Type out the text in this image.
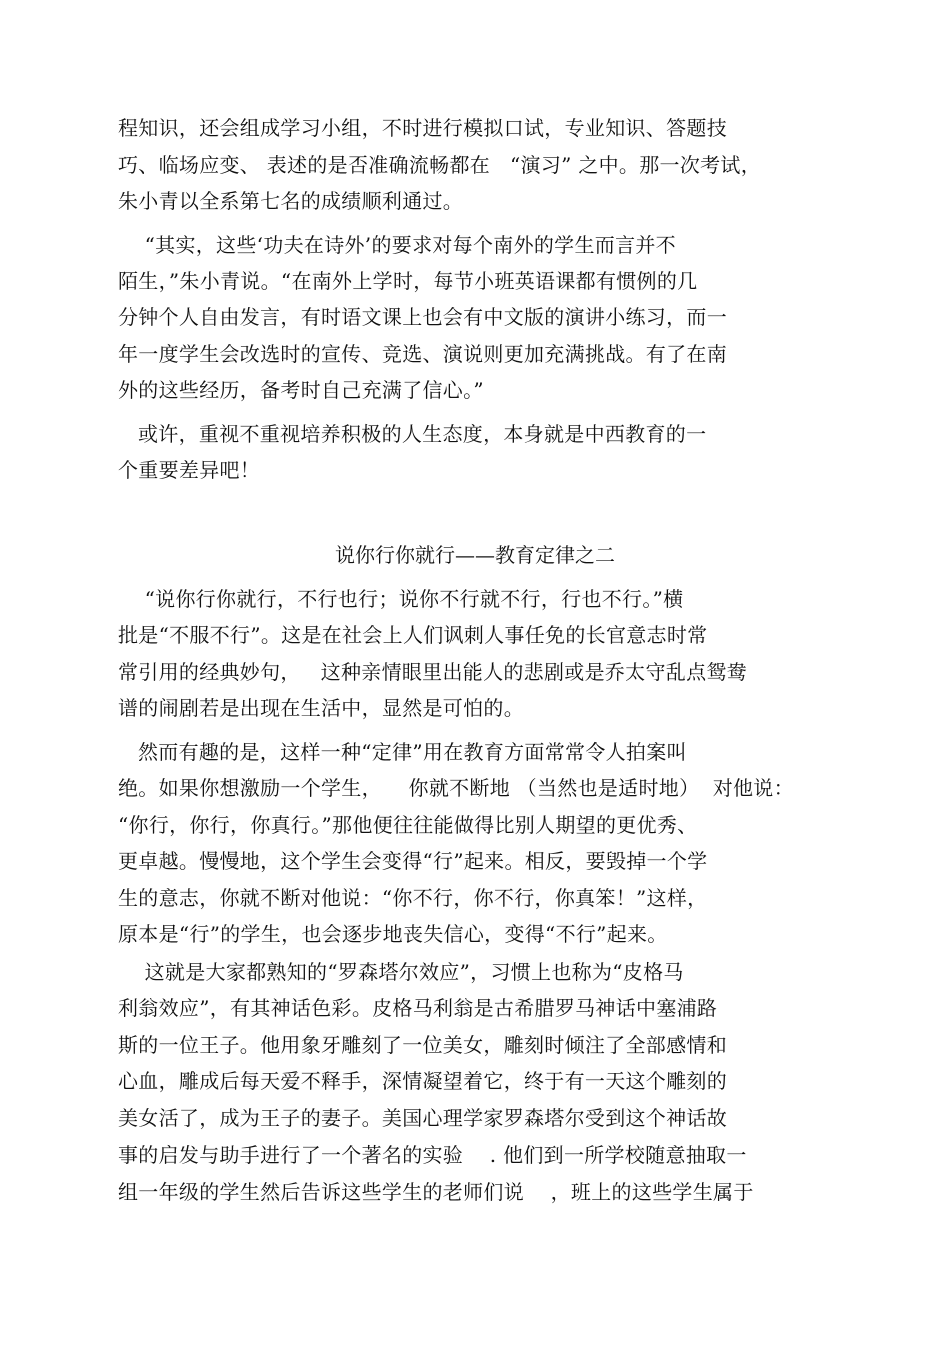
程知识，还会组成学习小组，不时进行模拟口试，专业知识、答题技
巧、临场应变、 表述的是否准确流畅都在   “演习” 之中。那一次考试，
朱小青以全系第七名的成绩顺利通过。
“其实，这些‘功夫在诗外’的要求对每个南外的学生而言并不
陌生，”朱小青说。“在南外上学时，每节小班英语课都有惯例的几
分钟个人自由发言，有时语文课上也会有中文版的演讲小练习，而一
年一度学生会改选时的宣传、竞选、演说则更加充满挑战。有了在南
外的这些经历，备考时自己充满了信心。”
或许，重视不重视培养积极的人生态度，本身就是中西教育的一
个重要差异吧！
说你行你就行——教育定律之二
“说你行你就行，不行也行；说你不行就不行，行也不行。”横
批是“不服不行”。这是在社会上人们讽刺人事任免的长官意志时常
常引用的经典妙句，   这种亲情眼里出能人的悲剧或是乔太守乱点鸳鸯
谱的闹剧若是出现在生活中，显然是可怕的。
然而有趣的是，这样一种“定律”用在教育方面常常令人拍案叫
绝。如果你想激励一个学生，    你就不断地 （当然也是适时地）  对他说：
“你行，你行，你真行。”那他便往往能做得比别人期望的更优秀、
更卓越。慢慢地，这个学生会变得“行”起来。相反，要毁掉一个学
生的意志，你就不断对他说：“你不行，你不行，你真笨！”这样，
原本是“行”的学生，也会逐步地丧失信心，变得“不行”起来。
这就是大家都熟知的“罗森塔尔效应”，习惯上也称为“皮格马
利翁效应”，有其神话色彩。皮格马利翁是古希腊罗马神话中塞浦路
斯的一位王子。他用象牙雕刻了一位美女，雕刻时倾注了全部感情和
心血，雕成后每天爱不释手，深情凝望着它，终于有一天这个雕刻的
美女活了，成为王子的妻子。美国心理学家罗森塔尔受到这个神话故
事的启发与助手进行了一个著名的实验    . 他们到一所学校随意抽取一
组一年级的学生然后告诉这些学生的老师们说    ，班上的这些学生属于
